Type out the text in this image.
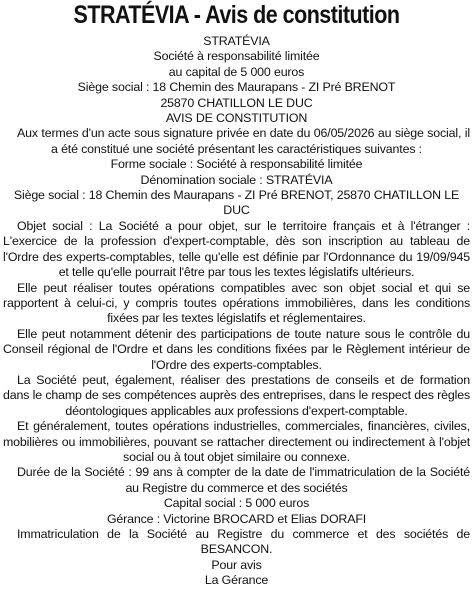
STRATÉVIA - Avis de constitution

STRATÉVIA

Société à responsabilité limitée

au capital de 5 000 euros

Siège social : 18 Chemin des Maurapans - ZI Pré BRENOT

25870 CHATILLON LE DUC

AVIS DE CONSTITUTION

Aux termes d'un acte sous signature privée en date du 06/05/2026 au siège social, il a été constitué une société présentant les caractéristiques suivantes :

Forme sociale : Société à responsabilité limitée

Dénomination sociale : STRATÉVIA

Siège social : 18 Chemin des Maurapans - ZI Pré BRENOT, 25870 CHATILLON LE DUC

Objet social : La Société a pour objet, sur le territoire français et à l'étranger : L'exercice de la profession d'expert-comptable, dès son inscription au tableau de l'Ordre des experts-comptables, telle qu'elle est définie par l'Ordonnance du 19/09/945 et telle qu'elle pourrait l'être par tous les textes législatifs ultérieurs.

Elle peut réaliser toutes opérations compatibles avec son objet social et qui se rapportent à celui-ci, y compris toutes opérations immobilières, dans les conditions fixées par les textes législatifs et réglementaires.

Elle peut notamment détenir des participations de toute nature sous le contrôle du Conseil régional de l'Ordre et dans les conditions fixées par le Règlement intérieur de l'Ordre des experts-comptables.

La Société peut, également, réaliser des prestations de conseils et de formation dans le champ de ses compétences auprès des entreprises, dans le respect des règles déontologiques applicables aux professions d'expert-comptable.

Et généralement, toutes opérations industrielles, commerciales, financières, civiles, mobilières ou immobilières, pouvant se rattacher directement ou indirectement à l'objet social ou à tout objet similaire ou connexe.

Durée de la Société : 99 ans à compter de la date de l'immatriculation de la Société au Registre du commerce et des sociétés

Capital social : 5 000 euros

Gérance : Victorine BROCARD et Elias DORAFI

Immatriculation de la Société au Registre du commerce et des sociétés de BESANCON.

Pour avis

La Gérance
